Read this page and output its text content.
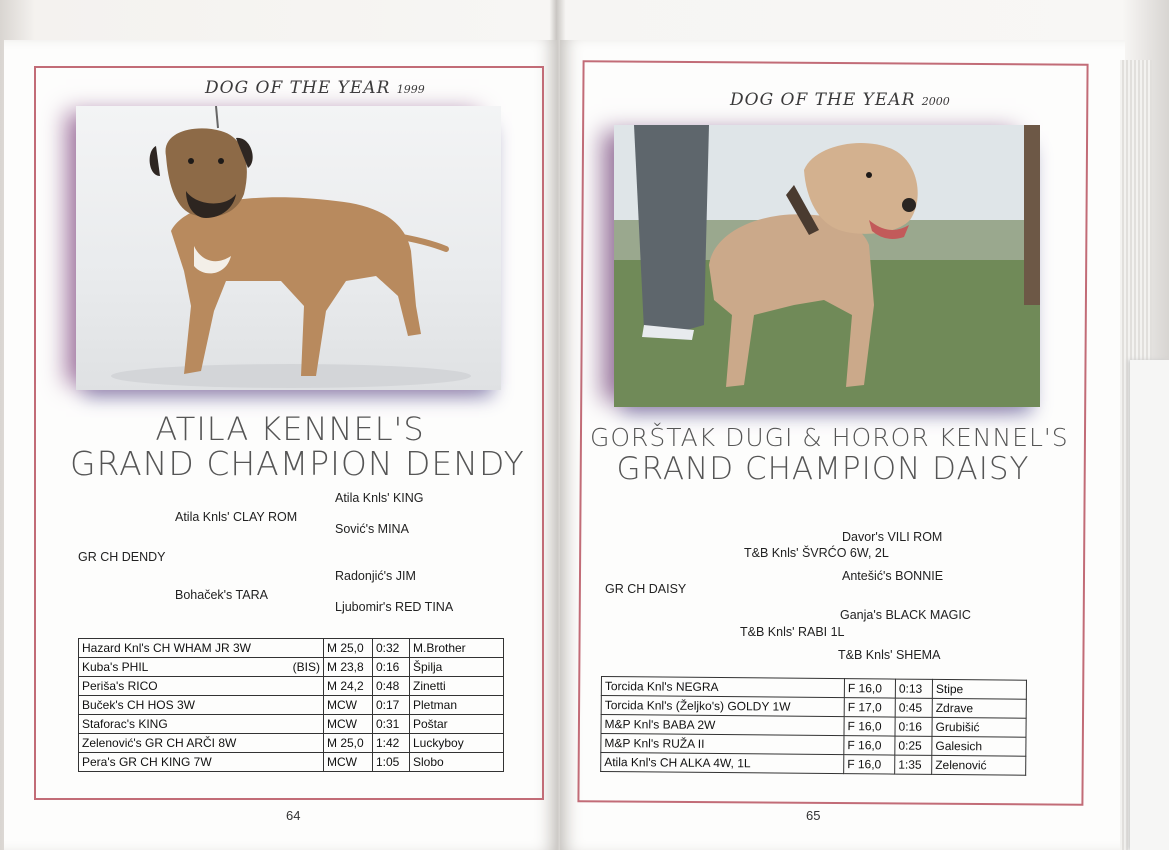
DOG OF THE YEAR 1999
ATILA KENNEL'S
GRAND CHAMPION DENDY
Atila Knls' KING
Atila Knls' CLAY ROM
Sović's MINA
GR CH DENDY
Radonjić's JIM
Bohaček's TARA
Ljubomir's RED TINA
Hazard Knl's CH WHAM JR 3W	M 25,0	0:32	M.Brother
Kuba's PHIL (BIS)	M 23,8	0:16	Špilja
Periša's RICO	M 24,2	0:48	Zinetti
Buček's CH HOS 3W	MCW	0:17	Pletman
Staforac's KING	MCW	0:31	Poštar
Zelenović's GR CH ARČI 8W	M 25,0	1:42	Luckyboy
Pera's GR CH KING 7W	MCW	1:05	Slobo
64
DOG OF THE YEAR 2000
GORŠTAK DUGI & HOROR KENNEL'S
GRAND CHAMPION DAISY
Davor's VILI ROM
T&B Knls' ŠVRĆO 6W, 2L
Antešić's BONNIE
GR CH DAISY
Ganja's BLACK MAGIC
T&B Knls' RABI 1L
T&B Knls' SHEMA
Torcida Knl's NEGRA	F 16,0	0:13	Stipe
Torcida Knl's (Željko's) GOLDY 1W	F 17,0	0:45	Zdrave
M&P Knl's BABA 2W	F 16,0	0:16	Grubišić
M&P Knl's RUŽA II	F 16,0	0:25	Galesich
Atila Knl's CH ALKA 4W, 1L	F 16,0	1:35	Zelenović
65
